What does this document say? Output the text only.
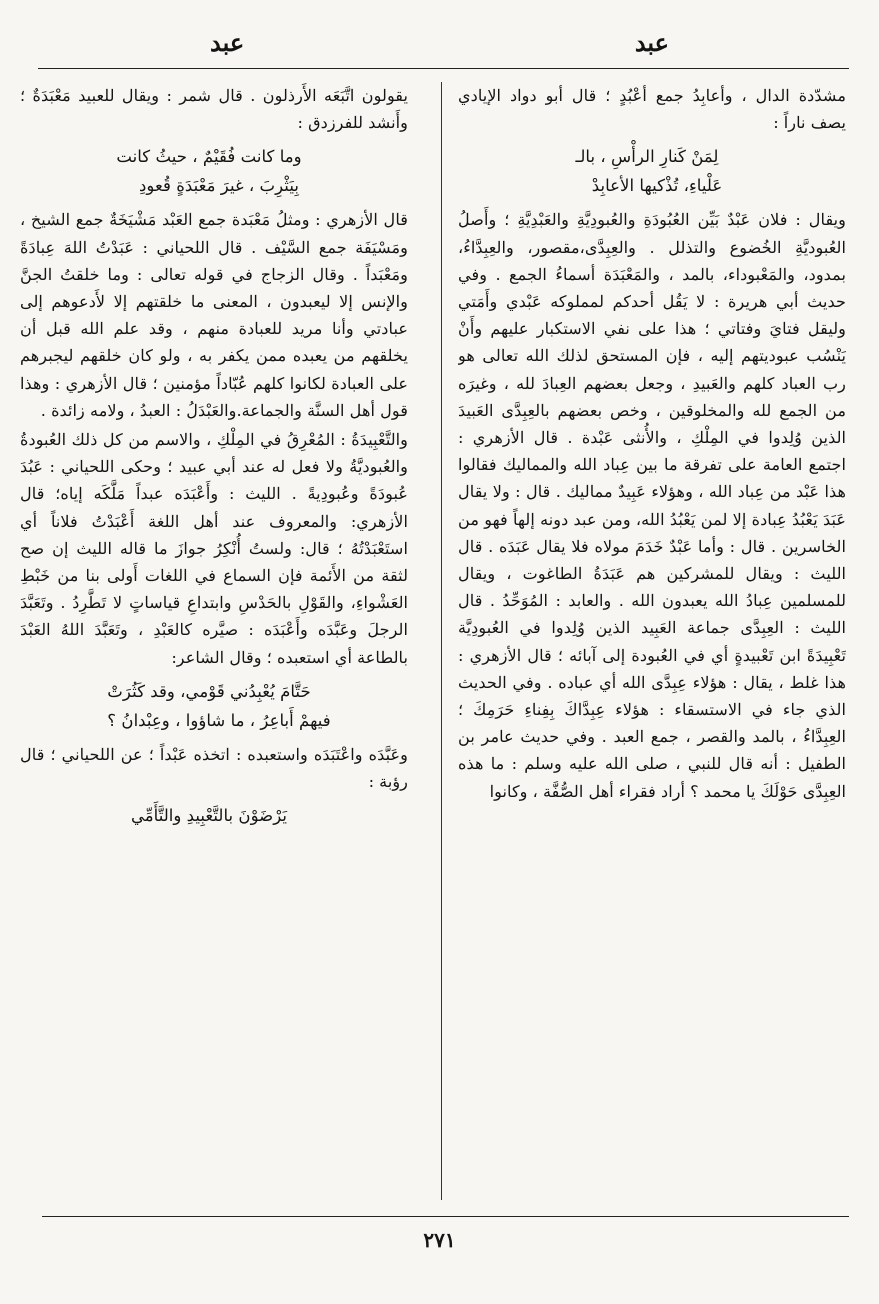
عبد
عبد

مشدّدة الدال ، وأعابِدُ جمع أعْبُدٍ ؛ قال أبو دواد الإيادي يصف ناراً :

لِمَنْ كَنارِ الرأْسِ ، بالـ
عَلْياءِ، تُذْكيها الأعابِدْ

ويقال : فلان عَبْدٌ بَيِّن العُبُودَةِ والعُبودِيَّةِ والعَبْدِيَّةِ ؛ وأَصلُ العُبوديَّةِ الخُضوع والتذلل . والعِبِدَّى،مقصور، والعِبِدَّاءُ، بمدود، والمَعْبوداء، بالمد ، والمَعْبَدَة أسماءُ الجمع . وفي حديث أبي هريرة : لا يَقُل أحدكم لمملوكه عَبْدي وأَمَتي وليقل فتايَ وفتاتي ؛ هذا على نفي الاستكبار عليهم وأَنْ يَنْسُب عبوديتهم إليه ، فإن المستحق لذلك الله تعالى هو رب العباد كلهم والعَبيدِ ، وجعل بعضهم العِبادَ لله ، وغيرَه من الجمع لله والمخلوقين ، وخص بعضهم بالعِبِدَّى العَبيدَ الذين وُلِدوا في المِلْكِ ، والأُنثى عَبْدة . قال الأزهري : اجتمع العامة على تفرقة ما بين عِباد الله والمماليك فقالوا هذا عَبْد من عِباد الله ، وهؤلاء عَبِيدٌ مماليك . قال : ولا يقال عَبَدَ يَعْبُدُ عِبادة إلا لمن يَعْبُدُ الله، ومن عبد دونه إلهاً فهو من الخاسرين . قال : وأما عَبْدٌ خَدَمَ مولاه فلا يقال عَبَدَه . قال الليث : ويقال للمشركين هم عَبَدَةُ الطاغوت ، ويقال للمسلمين عِبادُ الله يعبدون الله . والعابد : المُوَحِّدُ . قال الليث : العِبِدَّى جماعة العَبِيد الذين وُلِدوا في العُبودِيَّة تَعْبِيدَةً ابن تَعْبيدةٍ أي في العُبودة إلى آبائه ؛ قال الأزهري : هذا غلط ، يقال : هؤلاء عِبِدَّى الله أي عباده . وفي الحديث الذي جاء في الاستسقاء : هؤلاء عِبِدَّاكَ بِفِناءِ حَرَمِكَ ؛ العِبِدَّاءُ ، بالمد والقصر ، جمع العبد . وفي حديث عامر بن الطفيل : أنه قال للنبي ، صلى الله عليه وسلم : ما هذه العِبِدَّى حَوْلَكَ يا محمد ؟ أراد فقراء أهل الصُّفَّة ، وكانوا

يقولون اتَّبَعَه الأَرذلون . قال شمر : ويقال للعبيد مَعْبَدَةٌ ؛ وأَنشد للفرزدق :

وما كانت فُقَيْمٌ ، حيثُ كانت
بِيَثْرِبَ ، غيرَ مَعْبَدَةٍ قُعودِ

قال الأزهري : ومثلُ مَعْبَدة جمع العَبْد مَشْيَخَةٌ جمع الشيخ ، ومَسْيَفَة جمع السَّيْف . قال اللحياني : عَبَدْتُ اللهَ عِبادَةً ومَعْبَداً . وقال الزجاج في قوله تعالى : وما خلقتُ الجنَّ والإنس إلا ليعبدون ، المعنى ما خلقتهم إلا لأَدعوهم إلى عبادتي وأنا مريد للعبادة منهم ، وقد علم الله قبل أن يخلقهم من يعبده ممن يكفر به ، ولو كان خلقهم ليجبرهم على العبادة لكانوا كلهم عُبّاداً مؤمنين ؛ قال الأزهري : وهذا قول أهل السنَّة والجماعة.والعَبْدَلُ : العبدُ ، ولامه زائدة .

والتَّعْبِيدَةُ : المُعْرِقُ في المِلْكِ ، والاسم من كل ذلك العُبودةُ والعُبوديَّةُ ولا فعل له عند أبي عبيد ؛ وحكى اللحياني : عَبُدَ عُبودَةً وعُبودِيةً . الليث : وأَعْبَدَه عبداً مَلَّكَه إياه؛ قال الأزهري: والمعروف عند أهل اللغة أَعْبَدْتُ فلاناً أي استَعْبَدْتُهُ ؛ قال: ولستُ أُنْكِرُ جوازَ ما قاله الليث إن صح لثقة من الأَئمة فإن السماع في اللغات أَولى بنا من خَبْطِ العَشْواءِ، والقَوْلِ بالحَدْسِ وابتداعِ قياساتٍ لا تَطَّرِدُ . وتَعَبَّدَ الرجلَ وعَبَّدَه وأَعْبَدَه : صيَّره كالعَبْدِ ، وتَعَبَّدَ اللهُ العَبْدَ بالطاعة أي استعبده ؛ وقال الشاعر:

حَتَّامَ يُعْبِدُني قَوْمي، وقد كَثُرَتْ
فيهمْ أَباعِرُ ، ما شاؤوا ، وعِبْدانُ ؟

وعَبَّدَه واعْتَبَدَه واستعبده : اتخذه عَبْداً ؛ عن اللحياني ؛ قال رؤبة :

يَرْضَوْنَ بالتَّعْبِيدِ والتَّأَمِّي
٢٧١
